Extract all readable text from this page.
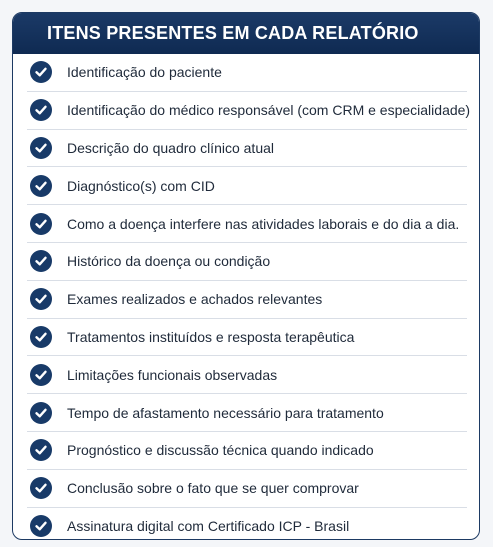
ITENS PRESENTES EM CADA RELATÓRIO
Identificação do paciente
Identificação do médico responsável (com CRM e especialidade)
Descrição do quadro clínico atual
Diagnóstico(s) com CID
Como a doença interfere nas atividades laborais e do dia a dia.
Histórico da doença ou condição
Exames realizados e achados relevantes
Tratamentos instituídos e resposta terapêutica
Limitações funcionais observadas
Tempo de afastamento necessário para tratamento
Prognóstico e discussão técnica quando indicado
Conclusão sobre o fato que se quer comprovar
Assinatura digital com Certificado ICP - Brasil
